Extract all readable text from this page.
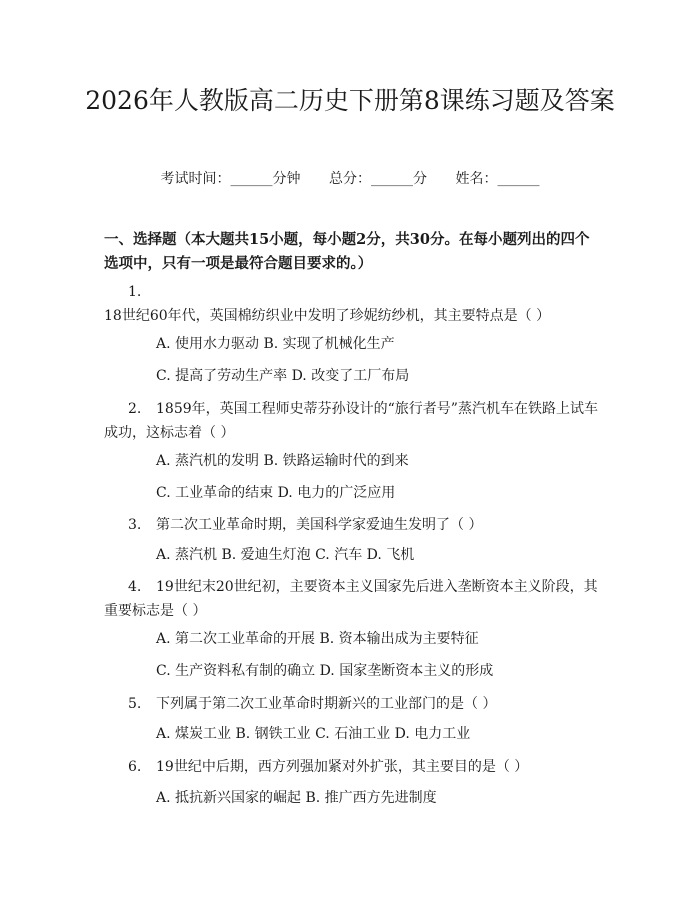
2026年人教版高二历史下册第8课练习题及答案
考试时间：______分钟 总分：______分 姓名：______
一、选择题（本大题共15小题，每小题2分，共30分。在每小题列出的四个选项中，只有一项是最符合题目要求的。）
1.18世纪60年代，英国棉纺织业中发明了珍妮纺纱机，其主要特点是（ ）
A. 使用水力驱动 B. 实现了机械化生产
C. 提高了劳动生产率 D. 改变了工厂布局
2. 1859年，英国工程师史蒂芬孙设计的“旅行者号”蒸汽机车在铁路上试车成功，这标志着（ ）
A. 蒸汽机的发明 B. 铁路运输时代的到来
C. 工业革命的结束 D. 电力的广泛应用
3. 第二次工业革命时期，美国科学家爱迪生发明了（ ）
A. 蒸汽机 B. 爱迪生灯泡 C. 汽车 D. 飞机
4. 19世纪末20世纪初，主要资本主义国家先后进入垄断资本主义阶段，其重要标志是（ ）
A. 第二次工业革命的开展 B. 资本输出成为主要特征
C. 生产资料私有制的确立 D. 国家垄断资本主义的形成
5. 下列属于第二次工业革命时期新兴的工业部门的是（ ）
A. 煤炭工业 B. 钢铁工业 C. 石油工业 D. 电力工业
6. 19世纪中后期，西方列强加紧对外扩张，其主要目的是（ ）
A. 抵抗新兴国家的崛起 B. 推广西方先进制度
